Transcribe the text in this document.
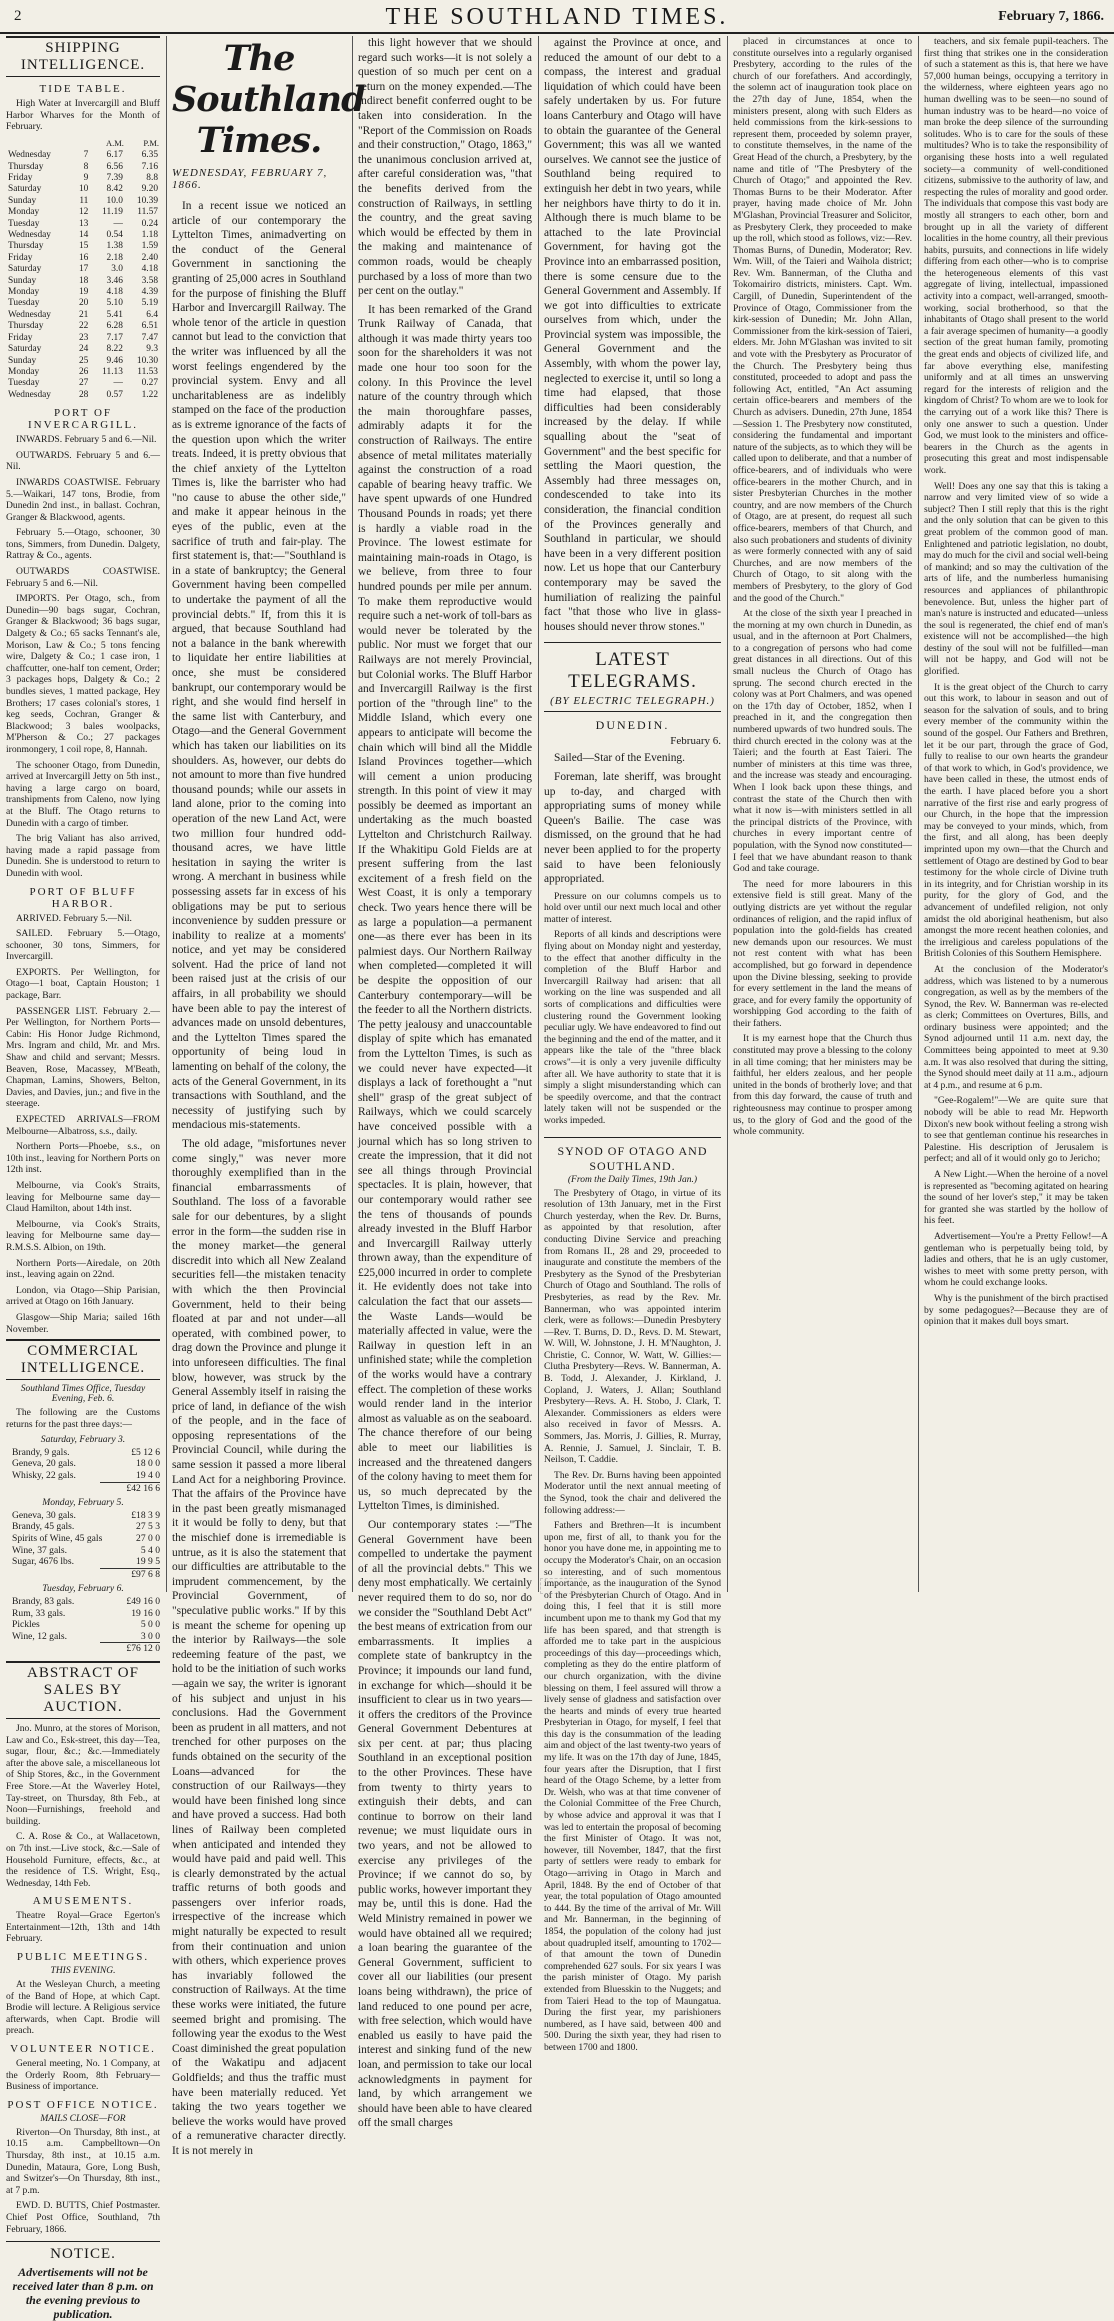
2	THE SOUTHLAND TIMES.	February 7, 1866.
SHIPPING INTELLIGENCE.
TIDE TABLE.

High Water at Invercargill and Bluff Harbor Wharves for the Month of February.

		A.M.	P.M.
Wednesday	7	6.17	6.35
Thursday	8	6.56	7.16
Friday	9	7.39	8.8
Saturday	10	8.42	9.20
Sunday	11	10.0	10.39
Monday	12	11.19	11.57
Tuesday	13	—	0.24
Wednesday	14	0.54	1.18
Thursday	15	1.38	1.59
Friday	16	2.18	2.40
Saturday	17	3.0	4.18
Sunday	18	3.46	3.58
Monday	19	4.18	4.39
Tuesday	20	5.10	5.19
Wednesday	21	5.41	6.4
Thursday	22	6.28	6.51
Friday	23	7.17	7.47
Saturday	24	8.22	9.3
Sunday	25	9.46	10.30
Monday	26	11.13	11.53
Tuesday	27	—	0.27
Wednesday	28	0.57	1.22
PORT OF INVERCARGILL.

INWARDS. February 5 and 6.—Nil.

OUTWARDS. February 5 and 6.—Nil.

INWARDS COASTWISE. February 5.—Waikari, 147 tons, Brodie, from Dunedin 2nd inst., in ballast. Cochran, Granger & Blackwood, agents.

February 5.—Otago, schooner, 30 tons, Simmers, from Dunedin. Dalgety, Rattray & Co., agents.

OUTWARDS COASTWISE. February 5 and 6.—Nil.

IMPORTS. Per Otago, sch., from Dunedin—90 bags sugar, Cochran, Granger & Blackwood; 36 bags sugar, Dalgety & Co.; 65 sacks Tennant's ale, Morison, Law & Co.; 5 tons fencing wire, Dalgety & Co.; 1 case iron, 1 chaffcutter, one-half ton cement, Order; 3 packages hops, Dalgety & Co.; 2 bundles sieves, 1 matted package, Hey Brothers; 17 cases colonial's stores, 1 keg seeds, Cochran, Granger & Blackwood; 3 bales woolpacks, M'Pherson & Co.; 27 packages ironmongery, 1 coil rope, 8, Hannah.

The schooner Otago, from Dunedin, arrived at Invercargill Jetty on 5th inst., having a large cargo on board, transhipments from Caleno, now lying at the Bluff. The Otago returns to Dunedin with a cargo of timber.

The brig Valiant has also arrived, having made a rapid passage from Dunedin. She is understood to return to Dunedin with wool.

PORT OF BLUFF HARBOR.

ARRIVED. February 5.—Nil.

SAILED. February 5.—Otago, schooner, 30 tons, Simmers, for Invercargill.

EXPORTS. Per Wellington, for Otago—1 boat, Captain Houston; 1 package, Barr.

PASSENGER LIST. February 2.—Per Wellington, for Northern Ports—Cabin: His Honor Judge Richmond, Mrs. Ingram and child, Mr. and Mrs. Shaw and child and servant; Messrs. Beaven, Rose, Macassey, M'Beath, Chapman, Lamins, Showers, Belton, Davies, and Davies, jun.; and five in the steerage.

EXPECTED ARRIVALS—FROM Melbourne—Albatross, s.s., daily.

Northern Ports—Phoebe, s.s., on 10th inst., leaving for Northern Ports on 12th inst.

Melbourne, via Cook's Straits, leaving for Melbourne same day—Claud Hamilton, about 14th inst.

Melbourne, via Cook's Straits, leaving for Melbourne same day—R.M.S.S. Albion, on 19th.

Northern Ports—Airedale, on 20th inst., leaving again on 22nd.

London, via Otago—Ship Parisian, arrived at Otago on 16th January.

Glasgow—Ship Maria; sailed 16th November.

COMMERCIAL INTELLIGENCE.
Southland Times Office, Tuesday Evening, Feb. 6.

The following are the Customs returns for the past three days:—

Saturday, February 3.
Brandy, 9 gals.	£5 12 6
Geneva, 20 gals.	18 0 0
Whisky, 22 gals.	19 4 0
£42 16 6
Monday, February 5.
Geneva, 30 gals.	£18 3 9
Brandy, 45 gals.	27 5 3
Spirits of Wine, 45 gals	27 0 0
Wine, 37 gals.	5 4 0
Sugar, 4676 lbs.	19 9 5
£97 6 8
Tuesday, February 6.
Brandy, 83 gals.	£49 16 0
Rum, 33 gals.	19 16 0
Pickles	5 0 0
Wine, 12 gals.	3 0 0
£76 12 0
ABSTRACT OF SALES BY AUCTION.

Jno. Munro, at the stores of Morison, Law and Co., Esk-street, this day—Tea, sugar, flour, &c.; &c.—Immediately after the above sale, a miscellaneous lot of Ship Stores, &c., in the Government Free Store.—At the Waverley Hotel, Tay-street, on Thursday, 8th Feb., at Noon—Furnishings, freehold and building.

C. A. Rose & Co., at Wallacetown, on 7th inst.—Live stock, &c.—Sale of Household Furniture, effects, &c., at the residence of T.S. Wright, Esq., Wednesday, 14th Feb.

AMUSEMENTS.

Theatre Royal—Grace Egerton's Entertainment—12th, 13th and 14th February.

PUBLIC MEETINGS.
THIS EVENING.

At the Wesleyan Church, a meeting of the Band of Hope, at which Capt. Brodie will lecture. A Religious service afterwards, when Capt. Brodie will preach.

VOLUNTEER NOTICE.

General meeting, No. 1 Company, at the Orderly Room, 8th February—Business of importance.

POST OFFICE NOTICE.
MAILS CLOSE—FOR

Riverton—On Thursday, 8th inst., at 10.15 a.m. Campbelltown—On Thursday, 8th inst., at 10.15 a.m. Dunedin, Mataura, Gore, Long Bush, and Switzer's—On Thursday, 8th inst., at 7 p.m.

EWD. D. BUTTS, Chief Postmaster. Chief Post Office, Southland, 7th February, 1866.

NOTICE.
Advertisements will not be received later than 8 p.m. on the evening previous to publication.
The Southland Times.
WEDNESDAY, FEBRUARY 7, 1866.

In a recent issue we noticed an article of our contemporary the Lyttelton Times, animadverting on the conduct of the General Government in sanctioning the granting of 25,000 acres in Southland for the purpose of finishing the Bluff Harbor and Invercargill Railway. The whole tenor of the article in question cannot but lead to the conviction that the writer was influenced by all the worst feelings engendered by the provincial system. Envy and all uncharitableness are as indelibly stamped on the face of the production as is extreme ignorance of the facts of the question upon which the writer treats. Indeed, it is pretty obvious that the chief anxiety of the Lyttelton Times is, like the barrister who had "no cause to abuse the other side," and make it appear heinous in the eyes of the public, even at the sacrifice of truth and fair-play. The first statement is, that:—"Southland is in a state of bankruptcy; the General Government having been compelled to undertake the payment of all the provincial debts." If, from this it is argued, that because Southland had not a balance in the bank wherewith to liquidate her entire liabilities at once, she must be considered bankrupt, our contemporary would be right, and she would find herself in the same list with Canterbury, and Otago—and the General Government which has taken our liabilities on its shoulders. As, however, our debts do not amount to more than five hundred thousand pounds; while our assets in land alone, prior to the coming into operation of the new Land Act, were two million four hundred odd-thousand acres, we have little hesitation in saying the writer is wrong. A merchant in business while possessing assets far in excess of his obligations may be put to serious inconvenience by sudden pressure or inability to realize at a moments' notice, and yet may be considered solvent. Had the price of land not been raised just at the crisis of our affairs, in all probability we should have been able to pay the interest of advances made on unsold debentures, and the Lyttelton Times spared the opportunity of being loud in lamenting on behalf of the colony, the acts of the General Government, in its transactions with Southland, and the necessity of justifying such by mendacious mis-statements.

The old adage, "misfortunes never come singly," was never more thoroughly exemplified than in the financial embarrassments of Southland. The loss of a favorable sale for our debentures, by a slight error in the form—the sudden rise in the money market—the general discredit into which all New Zealand securities fell—the mistaken tenacity with which the then Provincial Government, held to their being floated at par and not under—all operated, with combined power, to drag down the Province and plunge it into unforeseen difficulties. The final blow, however, was struck by the General Assembly itself in raising the price of land, in defiance of the wish of the people, and in the face of opposing representations of the Provincial Council, while during the same session it passed a more liberal Land Act for a neighboring Province. That the affairs of the Province have in the past been greatly mismanaged it it would be folly to deny, but that the mischief done is irremediable is untrue, as it is also the statement that our difficulties are attributable to the imprudent commencement, by the Provincial Government, of "speculative public works." If by this is meant the scheme for opening up the interior by Railways—the sole redeeming feature of the past, we hold to be the initiation of such works—again we say, the writer is ignorant of his subject and unjust in his conclusions. Had the Government been as prudent in all matters, and not trenched for other purposes on the funds obtained on the security of the Loans—advanced for the construction of our Railways—they would have been finished long since and have proved a success. Had both lines of Railway been completed when anticipated and intended they would have paid and paid well. This is clearly demonstrated by the actual traffic returns of both goods and passengers over inferior roads, irrespective of the increase which might naturally be expected to result from their continuation and union with others, which experience proves has invariably followed the construction of Railways. At the time these works were initiated, the future seemed bright and promising. The following year the exodus to the West Coast diminished the great population of the Wakatipu and adjacent Goldfields; and thus the traffic must have been materially reduced. Yet taking the two years together we believe the works would have proved of a remunerative character directly. It is not merely in

this light however that we should regard such works—it is not solely a question of so much per cent on a return on the money expended.—The indirect benefit conferred ought to be taken into consideration. In the "Report of the Commission on Roads and their construction," Otago, 1863," the unanimous conclusion arrived at, after careful consideration was, "that the benefits derived from the construction of Railways, in settling the country, and the great saving which would be effected by them in the making and maintenance of common roads, would be cheaply purchased by a loss of more than two per cent on the outlay."

It has been remarked of the Grand Trunk Railway of Canada, that although it was made thirty years too soon for the shareholders it was not made one hour too soon for the colony. In this Province the level nature of the country through which the main thoroughfare passes, admirably adapts it for the construction of Railways. The entire absence of metal militates materially against the construction of a road capable of bearing heavy traffic. We have spent upwards of one Hundred Thousand Pounds in roads; yet there is hardly a viable road in the Province. The lowest estimate for maintaining main-roads in Otago, is we believe, from three to four hundred pounds per mile per annum. To make them reproductive would require such a net-work of toll-bars as would never be tolerated by the public. Nor must we forget that our Railways are not merely Provincial, but Colonial works. The Bluff Harbor and Invercargill Railway is the first portion of the "through line" to the Middle Island, which every one appears to anticipate will become the chain which will bind all the Middle Island Provinces together—which will cement a union producing strength. In this point of view it may possibly be deemed as important an undertaking as the much boasted Lyttelton and Christchurch Railway. If the Whakitipu Gold Fields are at present suffering from the last excitement of a fresh field on the West Coast, it is only a temporary check. Two years hence there will be as large a population—a permanent one—as there ever has been in its palmiest days. Our Northern Railway when completed—completed it will be despite the opposition of our Canterbury contemporary—will be the feeder to all the Northern districts. The petty jealousy and unaccountable display of spite which has emanated from the Lyttelton Times, is such as we could never have expected—it displays a lack of forethought a "nut shell" grasp of the great subject of Railways, which we could scarcely have conceived possible with a journal which has so long striven to create the impression, that it did not see all things through Provincial spectacles. It is plain, however, that our contemporary would rather see the tens of thousands of pounds already invested in the Bluff Harbor and Invercargill Railway utterly thrown away, than the expenditure of £25,000 incurred in order to complete it. He evidently does not take into calculation the fact that our assets—the Waste Lands—would be materially affected in value, were the Railway in question left in an unfinished state; while the completion of the works would have a contrary effect. The completion of these works would render land in the interior almost as valuable as on the seaboard. The chance therefore of our being able to meet our liabilities is increased and the threatened dangers of the colony having to meet them for us, so much deprecated by the Lyttelton Times, is diminished.

Our contemporary states :—"The General Government have been compelled to undertake the payment of all the provincial debts." This we deny most emphatically. We certainly never required them to do so, nor do we consider the "Southland Debt Act" the best means of extrication from our embarrassments. It implies a complete state of bankruptcy in the Province; it impounds our land fund, in exchange for which—should it be insufficient to clear us in two years—it offers the creditors of the Province General Government Debentures at six per cent. at par; thus placing Southland in an exceptional position to the other Provinces. These have from twenty to thirty years to extinguish their debts, and can continue to borrow on their land revenue; we must liquidate ours in two years, and not be allowed to exercise any privileges of the Province; if we cannot do so, by public works, however important they may be, until this is done. Had the Weld Ministry remained in power we would have obtained all we required; a loan bearing the guarantee of the General Government, sufficient to cover all our liabilities (our present loans being withdrawn), the price of land reduced to one pound per acre, with free selection, which would have enabled us easily to have paid the interest and sinking fund of the new loan, and permission to take our local acknowledgments in payment for land, by which arrangement we should have been able to have cleared off the small charges

against the Province at once, and reduced the amount of our debt to a compass, the interest and gradual liquidation of which could have been safely undertaken by us. For future loans Canterbury and Otago will have to obtain the guarantee of the General Government; this was all we wanted ourselves. We cannot see the justice of Southland being required to extinguish her debt in two years, while her neighbors have thirty to do it in. Although there is much blame to be attached to the late Provincial Government, for having got the Province into an embarrassed position, there is some censure due to the General Government and Assembly. If we got into difficulties to extricate ourselves from which, under the Provincial system was impossible, the General Government and the Assembly, with whom the power lay, neglected to exercise it, until so long a time had elapsed, that those difficulties had been considerably increased by the delay. If while squalling about the "seat of Government" and the best specific for settling the Maori question, the Assembly had three messages on, condescended to take into its consideration, the financial condition of the Provinces generally and Southland in particular, we should have been in a very different position now. Let us hope that our Canterbury contemporary may be saved the humiliation of realizing the painful fact "that those who live in glass-houses should never throw stones."

LATEST TELEGRAMS.
(BY ELECTRIC TELEGRAPH.)
DUNEDIN.
February 6.

Sailed—Star of the Evening.

Foreman, late sheriff, was brought up to-day, and charged with appropriating sums of money while Queen's Bailie. The case was dismissed, on the ground that he had never been applied to for the property said to have been feloniously appropriated.

Pressure on our columns compels us to hold over until our next much local and other matter of interest.

Reports of all kinds and descriptions were flying about on Monday night and yesterday, to the effect that another difficulty in the completion of the Bluff Harbor and Invercargill Railway had arisen: that all working on the line was suspended and all sorts of complications and difficulties were clustering round the Government looking peculiar ugly. We have endeavored to find out the beginning and the end of the matter, and it appears like the tale of the "three black crows"—it is only a very juvenile difficulty after all. We have authority to state that it is simply a slight misunderstanding which can be speedily overcome, and that the contract lately taken will not be suspended or the works impeded.

SYNOD OF OTAGO AND SOUTHLAND.
(From the Daily Times, 19th Jan.)

The Presbytery of Otago, in virtue of its resolution of 13th January, met in the First Church yesterday, when the Rev. Dr. Burns, as appointed by that resolution, after conducting Divine Service and preaching from Romans II., 28 and 29, proceeded to inaugurate and constitute the members of the Presbytery as the Synod of the Presbyterian Church of Otago and Southland. The rolls of Presbyteries, as read by the Rev. Mr. Bannerman, who was appointed interim clerk, were as follows:—Dunedin Presbytery—Rev. T. Burns, D. D., Revs. D. M. Stewart, W. Will, W. Johnstone, J. H. M'Naughton, J. Christie, C. Connor, W. Watt, W. Gillies:—Clutha Presbytery—Revs. W. Bannerman, A. B. Todd, J. Alexander, J. Kirkland, J. Copland, J. Waters, J. Allan; Southland Presbytery—Revs. A. H. Stobo, J. Clark, T. Alexander. Commissioners as elders were also received in favor of Messrs. A. Sommers, Jas. Morris, J. Gillies, R. Murray, A. Rennie, J. Samuel, J. Sinclair, T. B. Neilson, T. Caddie.

The Rev. Dr. Burns having been appointed Moderator until the next annual meeting of the Synod, took the chair and delivered the following address:—

Fathers and Brethren—It is incumbent upon me, first of all, to thank you for the honor you have done me, in appointing me to occupy the Moderator's Chair, on an occasion so interesting, and of such momentous importance, as the inauguration of the Synod of the Presbyterian Church of Otago. And in doing this, I feel that it is still more incumbent upon me to thank my God that my life has been spared, and that strength is afforded me to take part in the auspicious proceedings of this day—proceedings which, completing as they do the entire platform of our church organization, with the divine blessing on them, I feel assured will throw a lively sense of gladness and satisfaction over the hearts and minds of every true hearted Presbyterian in Otago, for myself, I feel that this day is the consummation of the leading aim and object of the last twenty-two years of my life. It was on the 17th day of June, 1845, four years after the Disruption, that I first heard of the Otago Scheme, by a letter from Dr. Welsh, who was at that time convener of the Colonial Committee of the Free Church, by whose advice and approval it was that I was led to entertain the proposal of becoming the first Minister of Otago. It was not, however, till November, 1847, that the first party of settlers were ready to embark for Otago—arriving in Otago in March and April, 1848. By the end of October of that year, the total population of Otago amounted to 444. By the time of the arrival of Mr. Will and Mr. Bannerman, in the beginning of 1854, the population of the colony had just about quadrupled itself, amounting to 1702—of that amount the town of Dunedin comprehended 627 souls. For six years I was the parish minister of Otago. My parish extended from Bluesskin to the Nuggets; and from Taieri Head to the top of Maungatua. During the first year, my parishioners numbered, as I have said, between 400 and 500. During the sixth year, they had risen to between 1700 and 1800.

placed in circumstances at once to constitute ourselves into a regularly organised Presbytery, according to the rules of the church of our forefathers. And accordingly, the solemn act of inauguration took place on the 27th day of June, 1854, when the ministers present, along with such Elders as held commissions from the kirk-sessions to represent them, proceeded by solemn prayer, to constitute themselves, in the name of the Great Head of the church, a Presbytery, by the name and title of "The Presbytery of the Church of Otago;" and appointed the Rev. Thomas Burns to be their Moderator. After prayer, having made choice of Mr. John M'Glashan, Provincial Treasurer and Solicitor, as Presbytery Clerk, they proceeded to make up the roll, which stood as follows, viz:—Rev. Thomas Burns, of Dunedin, Moderator; Rev. Wm. Will, of the Taieri and Waihola district; Rev. Wm. Bannerman, of the Clutha and Tokomairiro districts, ministers. Capt. Wm. Cargill, of Dunedin, Superintendent of the Province of Otago, Commissioner from the kirk-session of Dunedin; Mr. John Allan, Commissioner from the kirk-session of Taieri, elders. Mr. John M'Glashan was invited to sit and vote with the Presbytery as Procurator of the Church. The Presbytery being thus constituted, proceeded to adopt and pass the following Act, entitled, "An Act assuming certain office-bearers and members of the Church as advisers. Dunedin, 27th June, 1854—Session 1. The Presbytery now constituted, considering the fundamental and important nature of the subjects, as to which they will be called upon to deliberate, and that a number of office-bearers, and of individuals who were office-bearers in the mother Church, and in sister Presbyterian Churches in the mother country, and are now members of the Church of Otago, are at present, do request all such office-bearers, members of that Church, and also such probationers and students of divinity as were formerly connected with any of said Churches, and are now members of the Church of Otago, to sit along with the members of Presbytery, to the glory of God and the good of the Church."

At the close of the sixth year I preached in the morning at my own church in Dunedin, as usual, and in the afternoon at Port Chalmers, to a congregation of persons who had come great distances in all directions. Out of this small nucleus the Church of Otago has sprung. The second church erected in the colony was at Port Chalmers, and was opened on the 17th day of October, 1852, when I preached in it, and the congregation then numbered upwards of two hundred souls. The third church erected in the colony was at the Taieri; and the fourth at East Taieri. The number of ministers at this time was three, and the increase was steady and encouraging. When I look back upon these things, and contrast the state of the Church then with what it now is—with ministers settled in all the principal districts of the Province, with churches in every important centre of population, with the Synod now constituted—I feel that we have abundant reason to thank God and take courage.

The need for more labourers in this extensive field is still great. Many of the outlying districts are yet without the regular ordinances of religion, and the rapid influx of population into the gold-fields has created new demands upon our resources. We must not rest content with what has been accomplished, but go forward in dependence upon the Divine blessing, seeking to provide for every settlement in the land the means of grace, and for every family the opportunity of worshipping God according to the faith of their fathers.

It is my earnest hope that the Church thus constituted may prove a blessing to the colony in all time coming; that her ministers may be faithful, her elders zealous, and her people united in the bonds of brotherly love; and that from this day forward, the cause of truth and righteousness may continue to prosper among us, to the glory of God and the good of the whole community.

teachers, and six female pupil-teachers. The first thing that strikes one in the consideration of such a statement as this is, that here we have 57,000 human beings, occupying a territory in the wilderness, where eighteen years ago no human dwelling was to be seen—no sound of human industry was to be heard—no voice of man broke the deep silence of the surrounding solitudes. Who is to care for the souls of these multitudes? Who is to take the responsibility of organising these hosts into a well regulated society—a community of well-conditioned citizens, submissive to the authority of law, and respecting the rules of morality and good order. The individuals that compose this vast body are mostly all strangers to each other, born and brought up in all the variety of different localities in the home country, all their previous habits, pursuits, and connections in life widely differing from each other—who is to comprise the heterogeneous elements of this vast aggregate of living, intellectual, impassioned activity into a compact, well-arranged, smooth-working, social brotherhood, so that the inhabitants of Otago shall present to the world a fair average specimen of humanity—a goodly section of the great human family, promoting the great ends and objects of civilized life, and far above everything else, manifesting uniformly and at all times an unswerving regard for the interests of religion and the kingdom of Christ? To whom are we to look for the carrying out of a work like this? There is only one answer to such a question. Under God, we must look to the ministers and office-bearers in the Church as the agents in prosecuting this great and most indispensable work.

Well! Does any one say that this is taking a narrow and very limited view of so wide a subject? Then I still reply that this is the right and the only solution that can be given to this great problem of the common good of man. Enlightened and patriotic legislation, no doubt, may do much for the civil and social well-being of mankind; and so may the cultivation of the arts of life, and the numberless humanising resources and appliances of philanthropic benevolence. But, unless the higher part of man's nature is instructed and educated—unless the soul is regenerated, the chief end of man's existence will not be accomplished—the high destiny of the soul will not be fulfilled—man will not be happy, and God will not be glorified.

It is the great object of the Church to carry out this work, to labour in season and out of season for the salvation of souls, and to bring every member of the community within the sound of the gospel. Our Fathers and Brethren, let it be our part, through the grace of God, fully to realise to our own hearts the grandeur of that work to which, in God's providence, we have been called in these, the utmost ends of the earth. I have placed before you a short narrative of the first rise and early progress of our Church, in the hope that the impression may be conveyed to your minds, which, from the first, and all along, has been deeply imprinted upon my own—that the Church and settlement of Otago are destined by God to bear testimony for the whole circle of Divine truth in its integrity, and for Christian worship in its purity, for the glory of God, and the advancement of undefiled religion, not only amidst the old aboriginal heathenism, but also amongst the more recent heathen colonies, and the irreligious and careless populations of the British Colonies of this Southern Hemisphere.

At the conclusion of the Moderator's address, which was listened to by a numerous congregation, as well as by the members of the Synod, the Rev. W. Bannerman was re-elected as clerk; Committees on Overtures, Bills, and ordinary business were appointed; and the Synod adjourned until 11 a.m. next day, the Committees being appointed to meet at 9.30 a.m. It was also resolved that during the sitting, the Synod should meet daily at 11 a.m., adjourn at 4 p.m., and resume at 6 p.m.

"Gee-Rogalem!"—We are quite sure that nobody will be able to read Mr. Hepworth Dixon's new book without feeling a strong wish to see that gentleman continue his researches in Palestine. His description of Jerusalem is perfect; and all of it would only go to Jericho;

A New Light.—When the heroine of a novel is represented as "becoming agitated on hearing the sound of her lover's step," it may be taken for granted she was startled by the hollow of his feet.

Advertisement—You're a Pretty Fellow!—A gentleman who is perpetually being told, by ladies and others, that he is an ugly customer, wishes to meet with some pretty person, with whom he could exchange looks.

Why is the punishment of the birch practised by some pedagogues?—Because they are of opinion that it makes dull boys smart.
